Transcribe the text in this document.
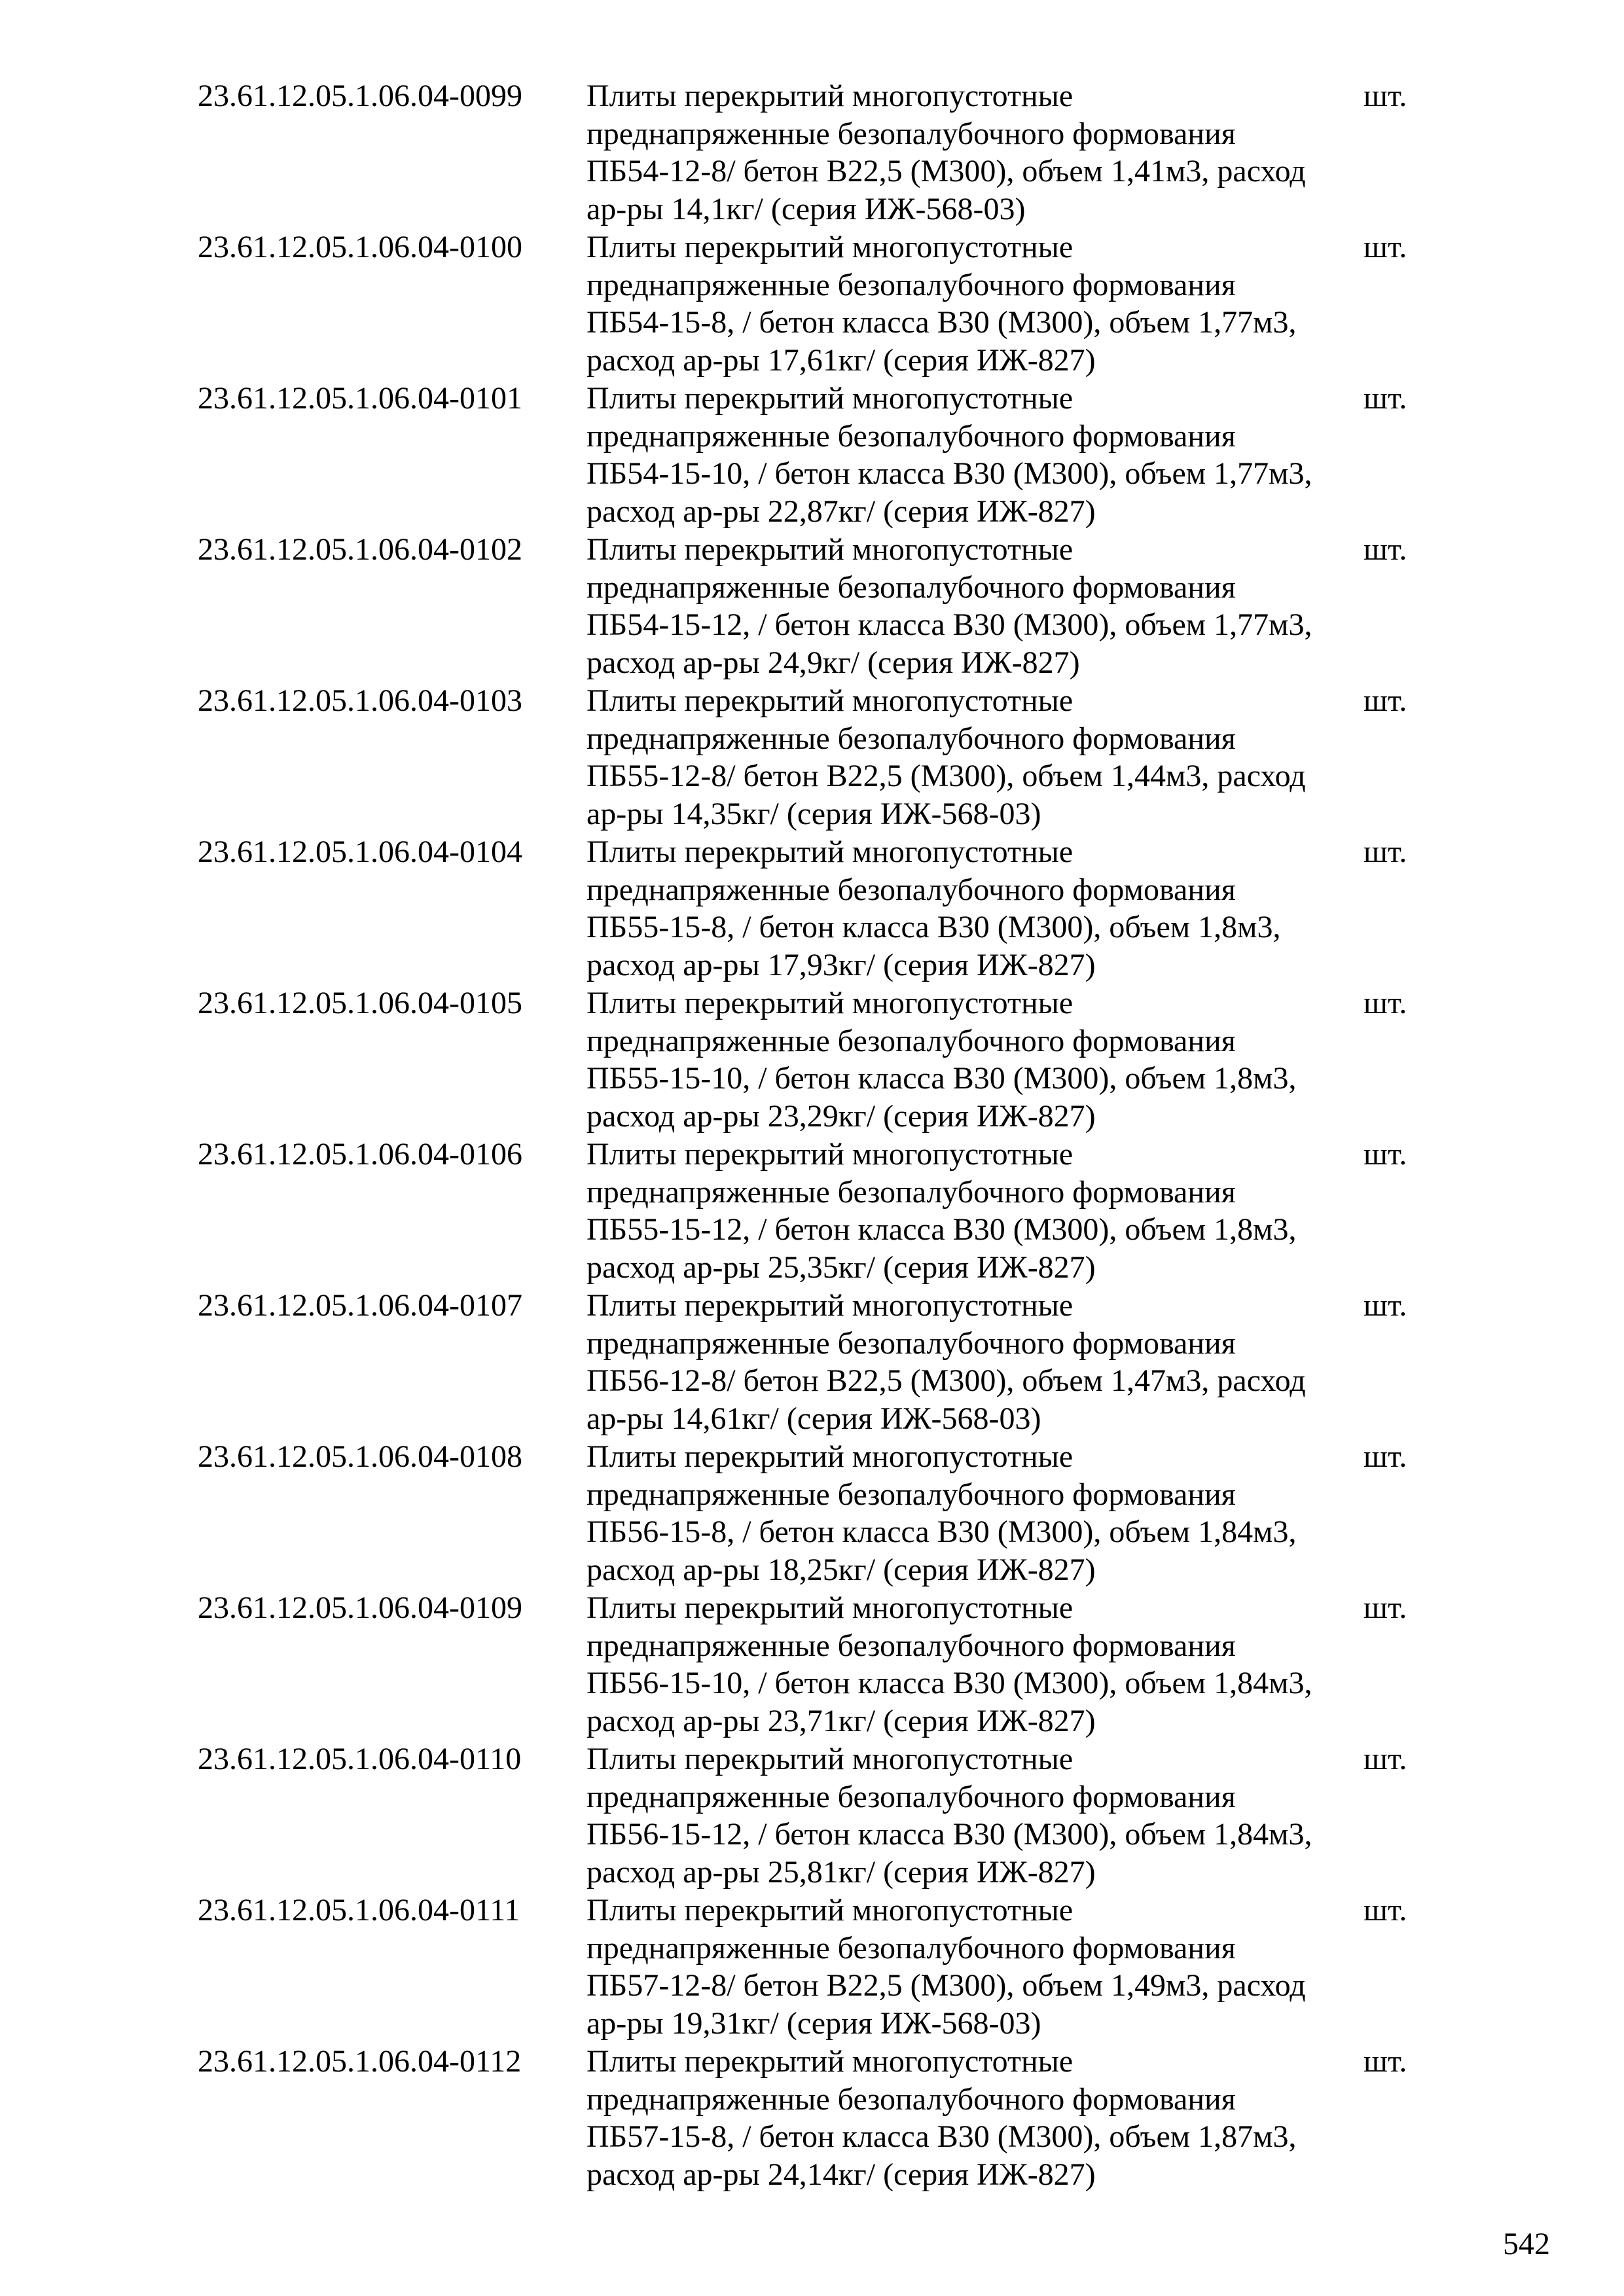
23.61.12.05.1.06.04-0099 Плиты перекрытий многопустотные
преднапряженные безопалубочного формования
ПБ54-12-8/ бетон В22,5 (М300), объем 1,41м3, расход
ар-ры 14,1кг/ (серия ИЖ-568-03)
шт.
23.61.12.05.1.06.04-0100 Плиты перекрытий многопустотные
преднапряженные безопалубочного формования
ПБ54-15-8, / бетон класса В30 (М300), объем 1,77м3,
расход ар-ры 17,61кг/ (серия ИЖ-827)
шт.
23.61.12.05.1.06.04-0101 Плиты перекрытий многопустотные
преднапряженные безопалубочного формования
ПБ54-15-10, / бетон класса В30 (М300), объем 1,77м3,
расход ар-ры 22,87кг/ (серия ИЖ-827)
шт.
23.61.12.05.1.06.04-0102 Плиты перекрытий многопустотные
преднапряженные безопалубочного формования
ПБ54-15-12, / бетон класса В30 (М300), объем 1,77м3,
расход ар-ры 24,9кг/ (серия ИЖ-827)
шт.
23.61.12.05.1.06.04-0103 Плиты перекрытий многопустотные
преднапряженные безопалубочного формования
ПБ55-12-8/ бетон В22,5 (М300), объем 1,44м3, расход
ар-ры 14,35кг/ (серия ИЖ-568-03)
шт.
23.61.12.05.1.06.04-0104 Плиты перекрытий многопустотные
преднапряженные безопалубочного формования
ПБ55-15-8, / бетон класса В30 (М300), объем 1,8м3,
расход ар-ры 17,93кг/ (серия ИЖ-827)
шт.
23.61.12.05.1.06.04-0105 Плиты перекрытий многопустотные
преднапряженные безопалубочного формования
ПБ55-15-10, / бетон класса В30 (М300), объем 1,8м3,
расход ар-ры 23,29кг/ (серия ИЖ-827)
шт.
23.61.12.05.1.06.04-0106 Плиты перекрытий многопустотные
преднапряженные безопалубочного формования
ПБ55-15-12, / бетон класса В30 (М300), объем 1,8м3,
расход ар-ры 25,35кг/ (серия ИЖ-827)
шт.
23.61.12.05.1.06.04-0107 Плиты перекрытий многопустотные
преднапряженные безопалубочного формования
ПБ56-12-8/ бетон В22,5 (М300), объем 1,47м3, расход
ар-ры 14,61кг/ (серия ИЖ-568-03)
шт.
23.61.12.05.1.06.04-0108 Плиты перекрытий многопустотные
преднапряженные безопалубочного формования
ПБ56-15-8, / бетон класса В30 (М300), объем 1,84м3,
расход ар-ры 18,25кг/ (серия ИЖ-827)
шт.
23.61.12.05.1.06.04-0109 Плиты перекрытий многопустотные
преднапряженные безопалубочного формования
ПБ56-15-10, / бетон класса В30 (М300), объем 1,84м3,
расход ар-ры 23,71кг/ (серия ИЖ-827)
шт.
23.61.12.05.1.06.04-0110 Плиты перекрытий многопустотные
преднапряженные безопалубочного формования
ПБ56-15-12, / бетон класса В30 (М300), объем 1,84м3,
расход ар-ры 25,81кг/ (серия ИЖ-827)
шт.
23.61.12.05.1.06.04-0111 Плиты перекрытий многопустотные
преднапряженные безопалубочного формования
ПБ57-12-8/ бетон В22,5 (М300), объем 1,49м3, расход
ар-ры 19,31кг/ (серия ИЖ-568-03)
шт.
23.61.12.05.1.06.04-0112 Плиты перекрытий многопустотные
преднапряженные безопалубочного формования
ПБ57-15-8, / бетон класса В30 (М300), объем 1,87м3,
расход ар-ры 24,14кг/ (серия ИЖ-827)
шт.
542
